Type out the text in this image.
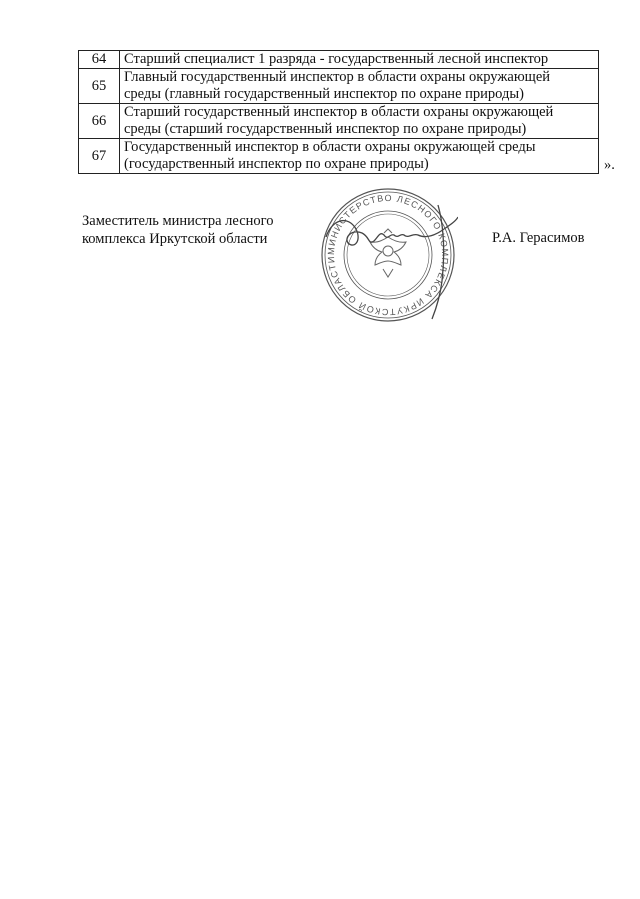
64	Старший специалист 1 разряда - государственный лесной инспектор
65	Главный государственный инспектор в области охраны окружающей
среды (главный государственный инспектор по охране природы)

66	Старший государственный инспектор в области охраны окружающей
среды (старший государственный инспектор по охране природы)

67	Государственный инспектор в области охраны окружающей среды
(государственный инспектор по охране природы)	».
Заместитель министра лесного
комплекса Иркутской области
МИНИСТЕРСТВО ЛЕСНОГО КОМПЛЕКСА ИРКУТСКОЙ ОБЛАСТИ
Р.А. Герасимов
